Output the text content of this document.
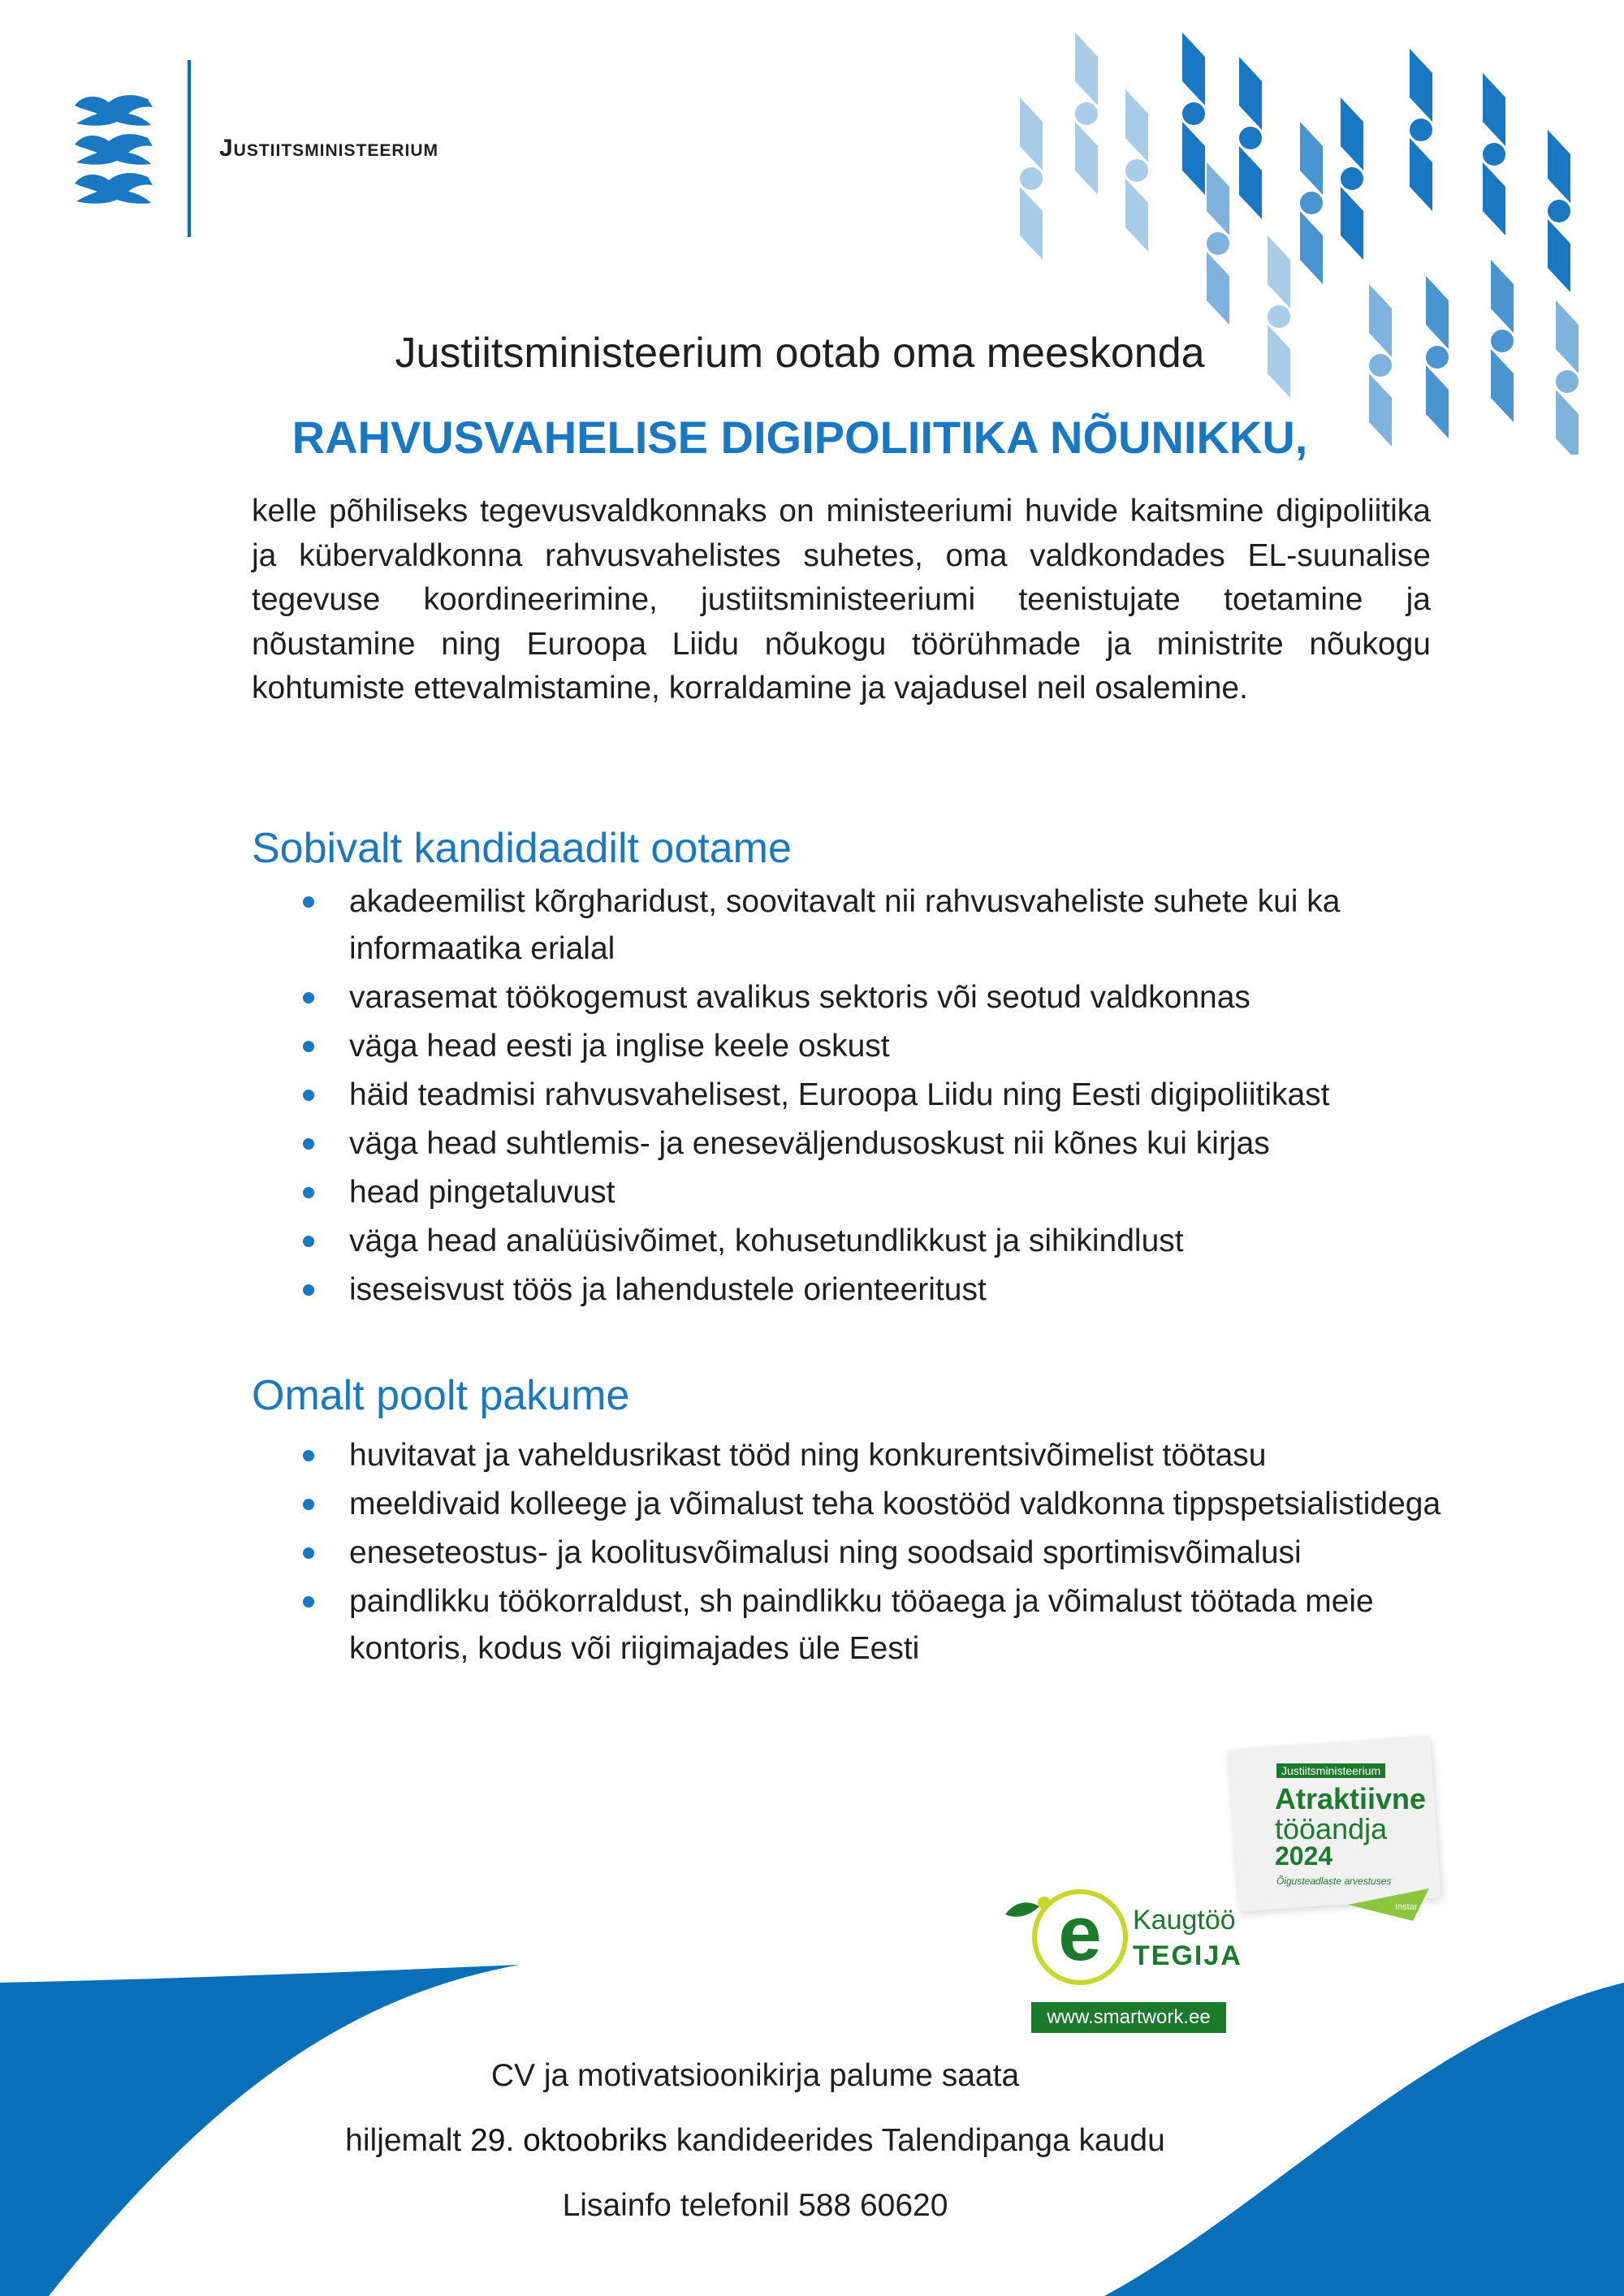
Justiitsministeerium
Justiitsministeerium ootab oma meeskonda
RAHVUSVAHELISE DIGIPOLIITIKA NÕUNIKKU,
kelle põhiliseks tegevusvaldkonnaks on ministeeriumi huvide kaitsmine digipoliitika ja kübervaldkonna rahvusvahelistes suhetes, oma valdkondades EL-suunalise tegevuse koordineerimine, justiitsministeeriumi teenistujate toetamine ja nõustamine ning Euroopa Liidu nõukogu töörühmade ja ministrite nõukogu kohtumiste ettevalmistamine, korraldamine ja vajadusel neil osalemine.
Sobivalt kandidaadilt ootame
akadeemilist kõrgharidust, soovitavalt nii rahvusvaheliste suhete kui ka informaatika erialal
varasemat töökogemust avalikus sektoris või seotud valdkonnas
väga head eesti ja inglise keele oskust
häid teadmisi rahvusvahelisest, Euroopa Liidu ning Eesti digipoliitikast
väga head suhtlemis- ja eneseväljendusoskust nii kõnes kui kirjas
head pingetaluvust
väga head analüüsivõimet, kohusetundlikkust ja sihikindlust
iseseisvust töös ja lahendustele orienteeritust
Omalt poolt pakume
huvitavat ja vaheldusrikast tööd ning konkurentsivõimelist töötasu
meeldivaid kolleege ja võimalust teha koostööd valdkonna tippspetsialistidega
eneseteostus- ja koolitusvõimalusi ning soodsaid sportimisvõimalusi
paindlikku töökorraldust, sh paindlikku tööaega ja võimalust töötada meie kontoris, kodus või riigimajades üle Eesti
e Kaugtöö
TEGIJA
www.smartwork.ee
Justiitsministeerium
Atraktiivne
tööandja
2024
Õigusteadlaste arvestuses
Instar
CV ja motivatsioonikirja palume saata
hiljemalt 29. oktoobriks kandideerides Talendipanga kaudu
Lisainfo telefonil 588 60620
